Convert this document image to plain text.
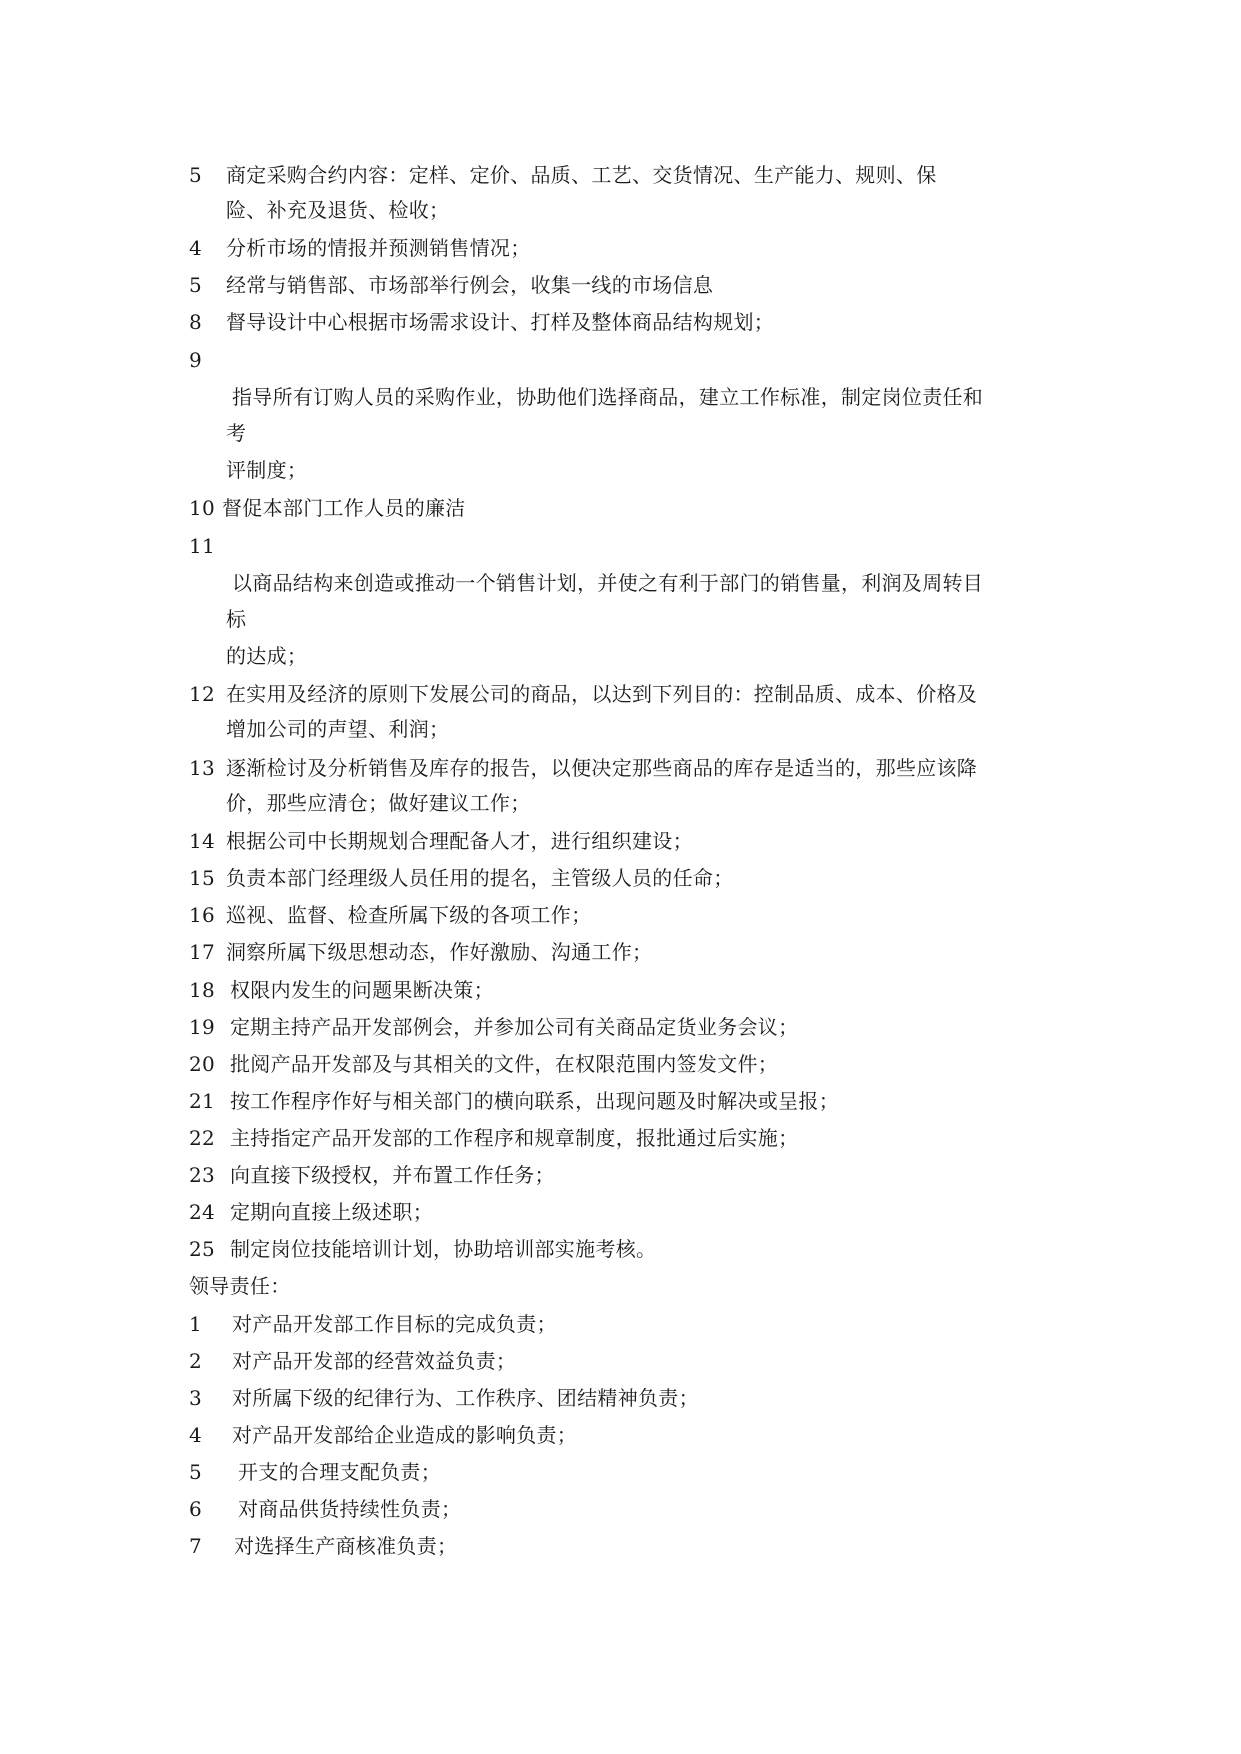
5 商定采购合约内容：定样、定价、品质、工艺、交货情况、生产能力、规则、保
险、补充及退货、检收；
4 分析市场的情报并预测销售情况；
5 经常与销售部、市场部举行例会，收集一线的市场信息
8 督导设计中心根据市场需求设计、打样及整体商品结构规划；
9
指导所有订购人员的采购作业，协助他们选择商品，建立工作标准，制定岗位责任和
考
评制度；
10 督促本部门工作人员的廉洁
11
以商品结构来创造或推动一个销售计划，并使之有利于部门的销售量，利润及周转目
标
的达成；
12 在实用及经济的原则下发展公司的商品，以达到下列目的：控制品质、成本、价格及
增加公司的声望、利润；
13 逐渐检讨及分析销售及库存的报告，以便决定那些商品的库存是适当的，那些应该降
价，那些应清仓；做好建议工作；
14 根据公司中长期规划合理配备人才，进行组织建设；
15 负责本部门经理级人员任用的提名，主管级人员的任命；
16 巡视、监督、检查所属下级的各项工作；
17 洞察所属下级思想动态，作好激励、沟通工作；
18 权限内发生的问题果断决策；
19 定期主持产品开发部例会，并参加公司有关商品定货业务会议；
20 批阅产品开发部及与其相关的文件，在权限范围内签发文件；
21 按工作程序作好与相关部门的横向联系，出现问题及时解决或呈报；
22 主持指定产品开发部的工作程序和规章制度，报批通过后实施；
23 向直接下级授权，并布置工作任务；
24 定期向直接上级述职；
25 制定岗位技能培训计划，协助培训部实施考核。
领导责任：
1 对产品开发部工作目标的完成负责；
2 对产品开发部的经营效益负责；
3 对所属下级的纪律行为、工作秩序、团结精神负责；
4 对产品开发部给企业造成的影响负责；
5 开支的合理支配负责；
6 对商品供货持续性负责；
7 对选择生产商核准负责；
